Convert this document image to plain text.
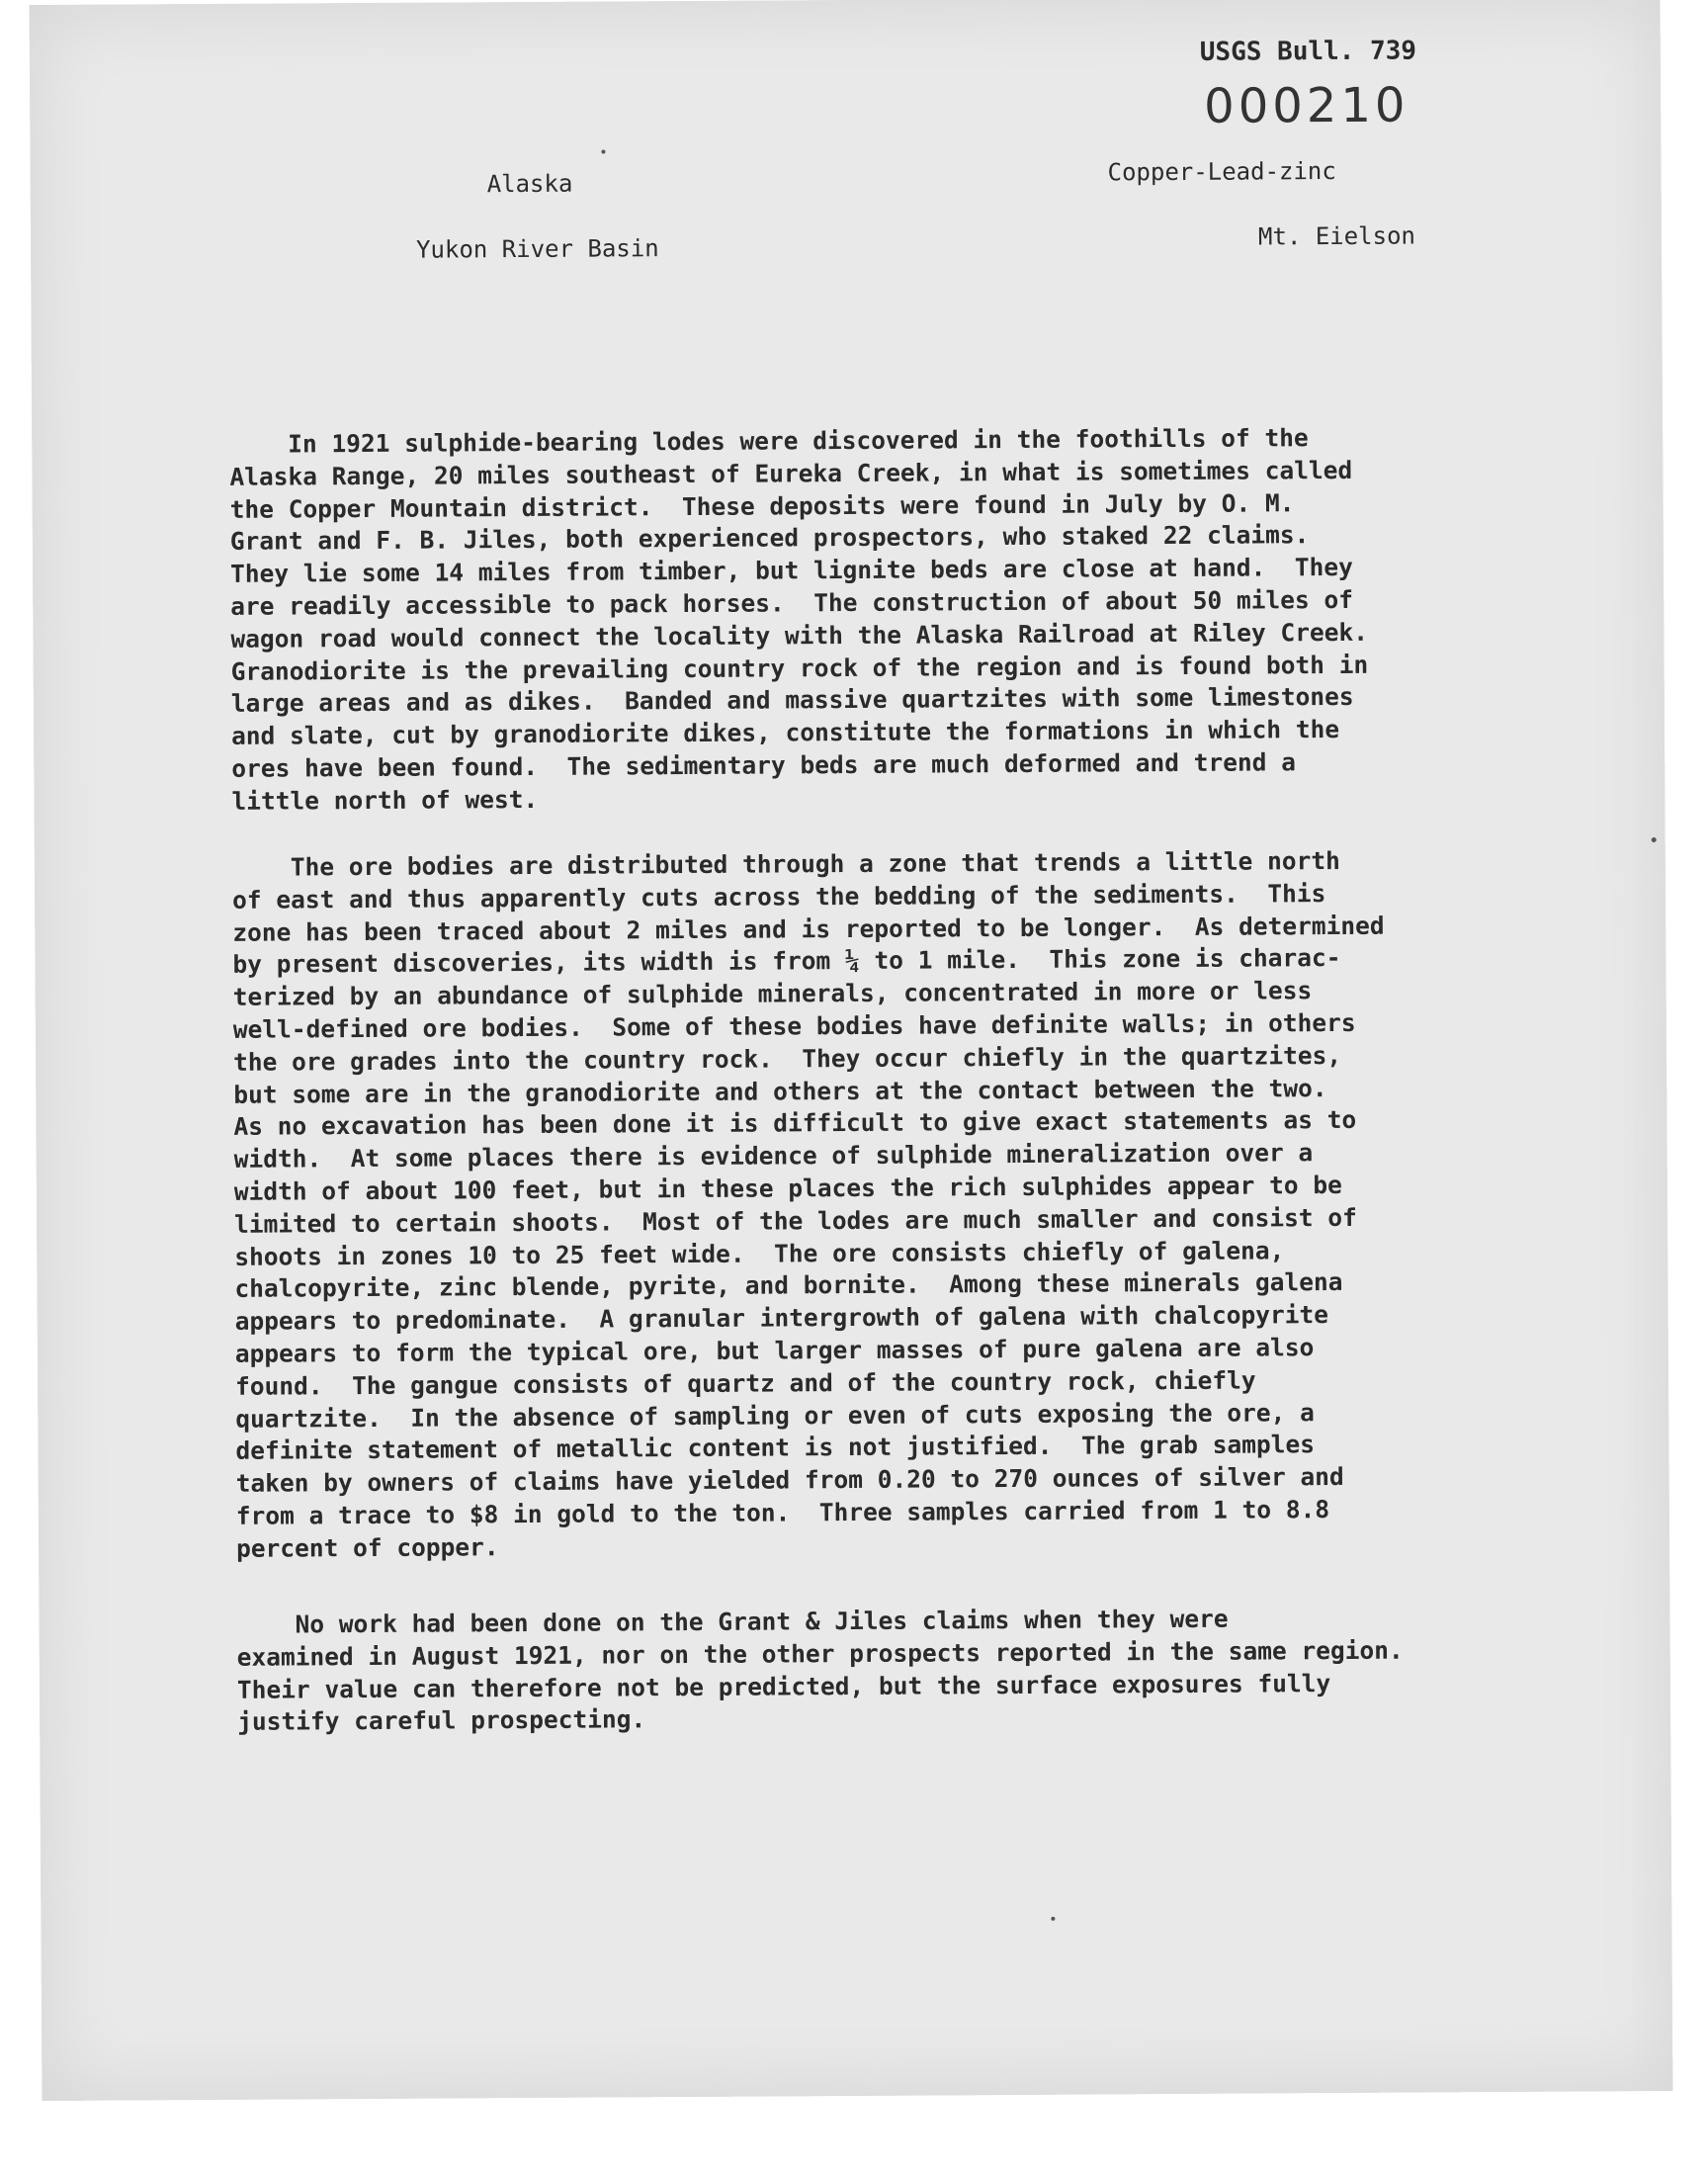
USGS Bull. 739

000210

Alaska

Yukon River Basin

Copper-Lead-zinc

Mt. Eielson

In 1921 sulphide-bearing lodes were discovered in the foothills of the
Alaska Range, 20 miles southeast of Eureka Creek, in what is sometimes called
the Copper Mountain district.  These deposits were found in July by O. M.
Grant and F. B. Jiles, both experienced prospectors, who staked 22 claims.
They lie some 14 miles from timber, but lignite beds are close at hand.  They
are readily accessible to pack horses.  The construction of about 50 miles of
wagon road would connect the locality with the Alaska Railroad at Riley Creek.
Granodiorite is the prevailing country rock of the region and is found both in
large areas and as dikes.  Banded and massive quartzites with some limestones
and slate, cut by granodiorite dikes, constitute the formations in which the
ores have been found.  The sedimentary beds are much deformed and trend a
little north of west.

The ore bodies are distributed through a zone that trends a little north
of east and thus apparently cuts across the bedding of the sediments.  This
zone has been traced about 2 miles and is reported to be longer.  As determined
by present discoveries, its width is from ¼ to 1 mile.  This zone is charac-
terized by an abundance of sulphide minerals, concentrated in more or less
well-defined ore bodies.  Some of these bodies have definite walls; in others
the ore grades into the country rock.  They occur chiefly in the quartzites,
but some are in the granodiorite and others at the contact between the two.
As no excavation has been done it is difficult to give exact statements as to
width.  At some places there is evidence of sulphide mineralization over a
width of about 100 feet, but in these places the rich sulphides appear to be
limited to certain shoots.  Most of the lodes are much smaller and consist of
shoots in zones 10 to 25 feet wide.  The ore consists chiefly of galena,
chalcopyrite, zinc blende, pyrite, and bornite.  Among these minerals galena
appears to predominate.  A granular intergrowth of galena with chalcopyrite
appears to form the typical ore, but larger masses of pure galena are also
found.  The gangue consists of quartz and of the country rock, chiefly
quartzite.  In the absence of sampling or even of cuts exposing the ore, a
definite statement of metallic content is not justified.  The grab samples
taken by owners of claims have yielded from 0.20 to 270 ounces of silver and
from a trace to $8 in gold to the ton.  Three samples carried from 1 to 8.8
percent of copper.

No work had been done on the Grant & Jiles claims when they were
examined in August 1921, nor on the other prospects reported in the same region.
Their value can therefore not be predicted, but the surface exposures fully
justify careful prospecting.
